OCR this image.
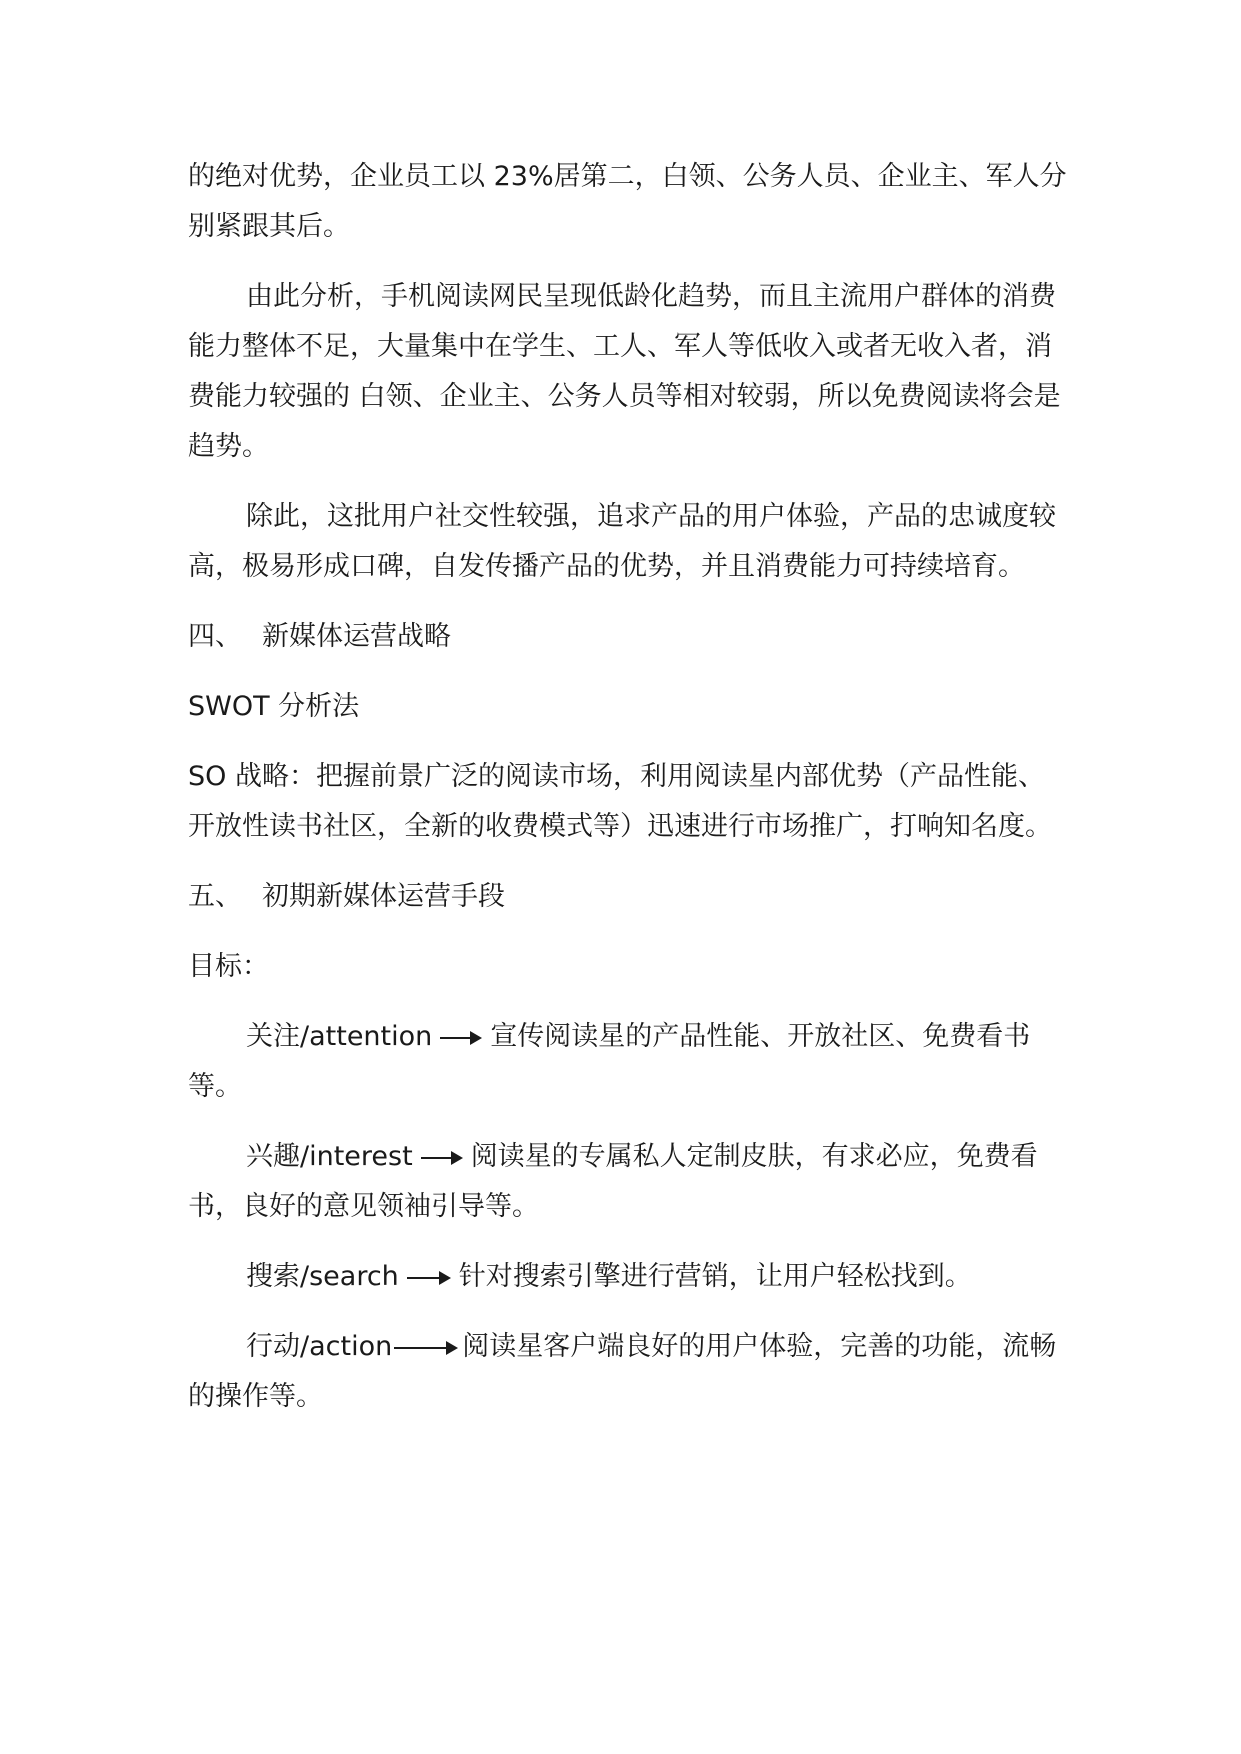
的绝对优势，企业员工以 23%居第二，白领、公务人员、企业主、军人分别紧跟其后。

由此分析，手机阅读网民呈现低龄化趋势，而且主流用户群体的消费能力整体不足，大量集中在学生、工人、军人等低收入或者无收入者，消费能力较强的 白领、企业主、公务人员等相对较弱，所以免费阅读将会是趋势。

除此，这批用户社交性较强，追求产品的用户体验，产品的忠诚度较高，极易形成口碑，自发传播产品的优势，并且消费能力可持续培育。

四、 新媒体运营战略

SWOT 分析法

SO 战略：把握前景广泛的阅读市场，利用阅读星内部优势（产品性能、开放性读书社区，全新的收费模式等）迅速进行市场推广，打响知名度。

五、 初期新媒体运营手段

目标：

关注/attention 宣传阅读星的产品性能、开放社区、免费看书等。

兴趣/interest 阅读星的专属私人定制皮肤，有求必应，免费看书，良好的意见领袖引导等。

搜索/search 针对搜索引擎进行营销，让用户轻松找到。

行动/action	阅读星客户端良好的用户体验，完善的功能，流畅的操作等。
